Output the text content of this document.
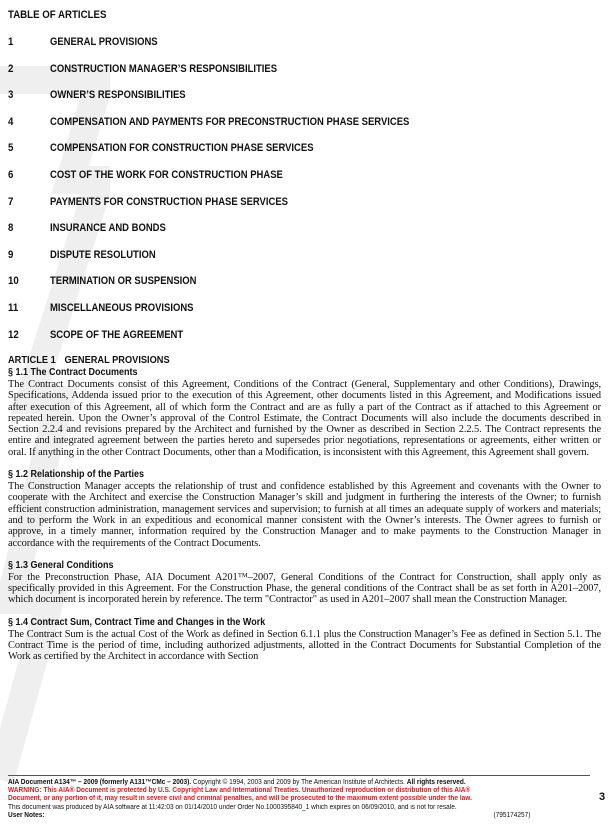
TABLE OF ARTICLES
1	GENERAL PROVISIONS
2	CONSTRUCTION MANAGER’S RESPONSIBILITIES
3	OWNER’S RESPONSIBILITIES
4	COMPENSATION AND PAYMENTS FOR PRECONSTRUCTION PHASE SERVICES
5	COMPENSATION FOR CONSTRUCTION PHASE SERVICES
6	COST OF THE WORK FOR CONSTRUCTION PHASE
7	PAYMENTS FOR CONSTRUCTION PHASE SERVICES
8	INSURANCE AND BONDS
9	DISPUTE RESOLUTION
10	TERMINATION OR SUSPENSION
11	MISCELLANEOUS PROVISIONS
12	SCOPE OF THE AGREEMENT
ARTICLE 1 GENERAL PROVISIONS
§ 1.1 The Contract Documents

The Contract Documents consist of this Agreement, Conditions of the Contract (General, Supplementary and other Conditions), Drawings, Specifications, Addenda issued prior to the execution of this Agreement, other documents listed in this Agreement, and Modifications issued after execution of this Agreement, all of which form the Contract and are as fully a part of the Contract as if attached to this Agreement or repeated herein. Upon the Owner’s approval of the Control Estimate, the Contract Documents will also include the documents described in Section 2.2.4 and revisions prepared by the Architect and furnished by the Owner as described in Section 2.2.5. The Contract represents the entire and integrated agreement between the parties hereto and supersedes prior negotiations, representations or agreements, either written or oral. If anything in the other Contract Documents, other than a Modification, is inconsistent with this Agreement, this Agreement shall govern.

§ 1.2 Relationship of the Parties

The Construction Manager accepts the relationship of trust and confidence established by this Agreement and covenants with the Owner to cooperate with the Architect and exercise the Construction Manager’s skill and judgment in furthering the interests of the Owner; to furnish efficient construction administration, management services and supervision; to furnish at all times an adequate supply of workers and materials; and to perform the Work in an expeditious and economical manner consistent with the Owner’s interests. The Owner agrees to furnish or approve, in a timely manner, information required by the Construction Manager and to make payments to the Construction Manager in accordance with the requirements of the Contract Documents.

§ 1.3 General Conditions

For the Preconstruction Phase, AIA Document A201™–2007, General Conditions of the Contract for Construction, shall apply only as specifically provided in this Agreement. For the Construction Phase, the general conditions of the Contract shall be as set forth in A201–2007, which document is incorporated herein by reference. The term "Contractor" as used in A201–2007 shall mean the Construction Manager.

§ 1.4 Contract Sum, Contract Time and Changes in the Work

The Contract Sum is the actual Cost of the Work as defined in Section 6.1.1 plus the Construction Manager’s Fee as defined in Section 5.1. The Contract Time is the period of time, including authorized adjustments, allotted in the Contract Documents for Substantial Completion of the Work as certified by the Architect in accordance with Section

AIA Document A134™ – 2009 (formerly A131™CMc – 2003). Copyright © 1994, 2003 and 2009 by The American Institute of Architects. All rights reserved.
WARNING: This AIA® Document is protected by U.S. Copyright Law and International Treaties. Unauthorized reproduction or distribution of this AIA®
Document, or any portion of it, may result in severe civil and criminal penalties, and will be prosecuted to the maximum extent possible under the law.
This document was produced by AIA software at 11:42:03 on 01/14/2010 under Order No.1000395840_1 which expires on 06/09/2010, and is not for resale.
User Notes:	(795174257)
3
